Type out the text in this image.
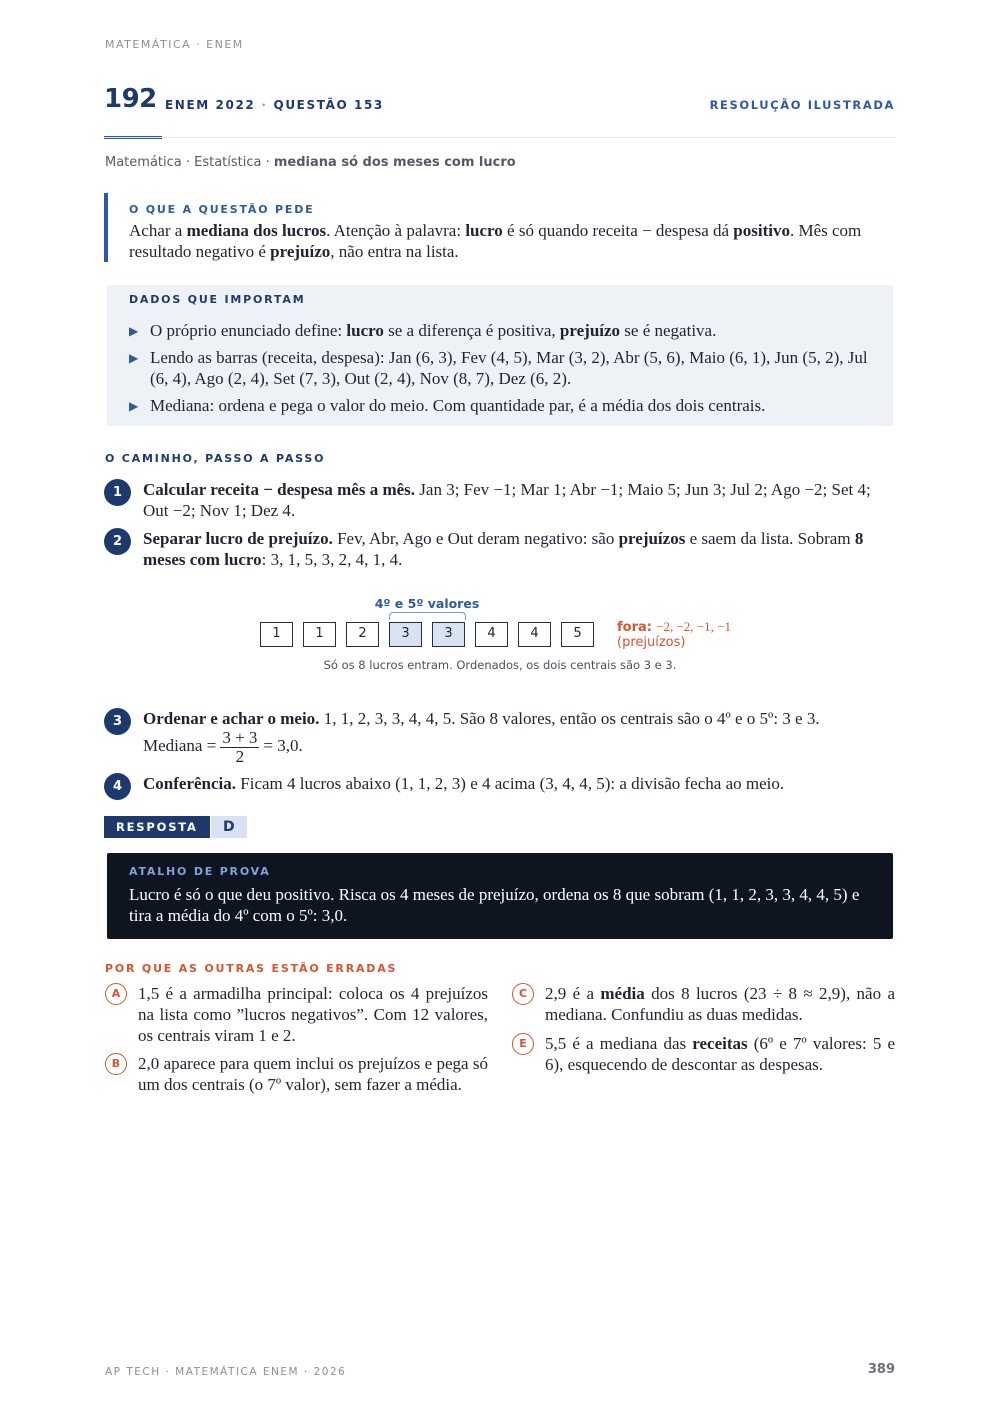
MATEMÁTICA · ENEM
192 ENEM 2022 · QUESTÃO 153	RESOLUÇÃO ILUSTRADA
Matemática · Estatística · mediana só dos meses com lucro
O QUE A QUESTÃO PEDE

Achar a mediana dos lucros. Atenção à palavra: lucro é só quando receita − despesa dá positivo. Mês com resultado negativo é prejuízo, não entra na lista.

DADOS QUE IMPORTAM
▶ O próprio enunciado define: lucro se a diferença é positiva, prejuízo se é negativa.
▶ Lendo as barras (receita, despesa): Jan (6, 3), Fev (4, 5), Mar (3, 2), Abr (5, 6), Maio (6, 1), Jun (5, 2), Jul (6, 4), Ago (2, 4), Set (7, 3), Out (2, 4), Nov (8, 7), Dez (6, 2).
▶ Mediana: ordena e pega o valor do meio. Com quantidade par, é a média dos dois centrais.
O CAMINHO, PASSO A PASSO
1	Calcular receita − despesa mês a mês. Jan 3; Fev −1; Mar 1; Abr −1; Maio 5; Jun 3; Jul 2; Ago −2; Set 4; Out −2; Nov 1; Dez 4.
2	Separar lucro de prejuízo. Fev, Abr, Ago e Out deram negativo: são prejuízos e saem da lista. Sobram 8 meses com lucro: 3, 1, 5, 3, 2, 4, 1, 4.
4º e 5º valores
1	1	2	3	3	4	4	5	fora: −2, −2, −1, −1
(prejuízos)
Só os 8 lucros entram. Ordenados, os dois centrais são 3 e 3.
3	Ordenar e achar o meio. 1, 1, 2, 3, 3, 4, 4, 5. São 8 valores, então os centrais são o 4º e o 5º: 3 e 3.
Mediana = $\frac{3 + 3}{2} = 3,0$.
4	Conferência. Ficam 4 lucros abaixo (1, 1, 2, 3) e 4 acima (3, 4, 4, 5): a divisão fecha ao meio.
RESPOSTA D
ATALHO DE PROVA

Lucro é só o que deu positivo. Risca os 4 meses de prejuízo, ordena os 8 que sobram (1, 1, 2, 3, 3, 4, 4, 5) e tira a média do 4º com o 5º: 3,0.

POR QUE AS OUTRAS ESTÃO ERRADAS
A	1,5 é a armadilha principal: coloca os 4 prejuízos na lista como ”lucros negativos”. Com 12 valores, os centrais viram 1 e 2.
B	2,0 aparece para quem inclui os prejuízos e pega só um dos centrais (o 7º valor), sem fazer a média.
C	2,9 é a média dos 8 lucros (23 ÷ 8 ≈ 2,9), não a mediana. Confundiu as duas medidas.
E	5,5 é a mediana das receitas (6º e 7º valores: 5 e 6), esquecendo de descontar as despesas.
AP TECH · MATEMÁTICA ENEM · 2026	389
